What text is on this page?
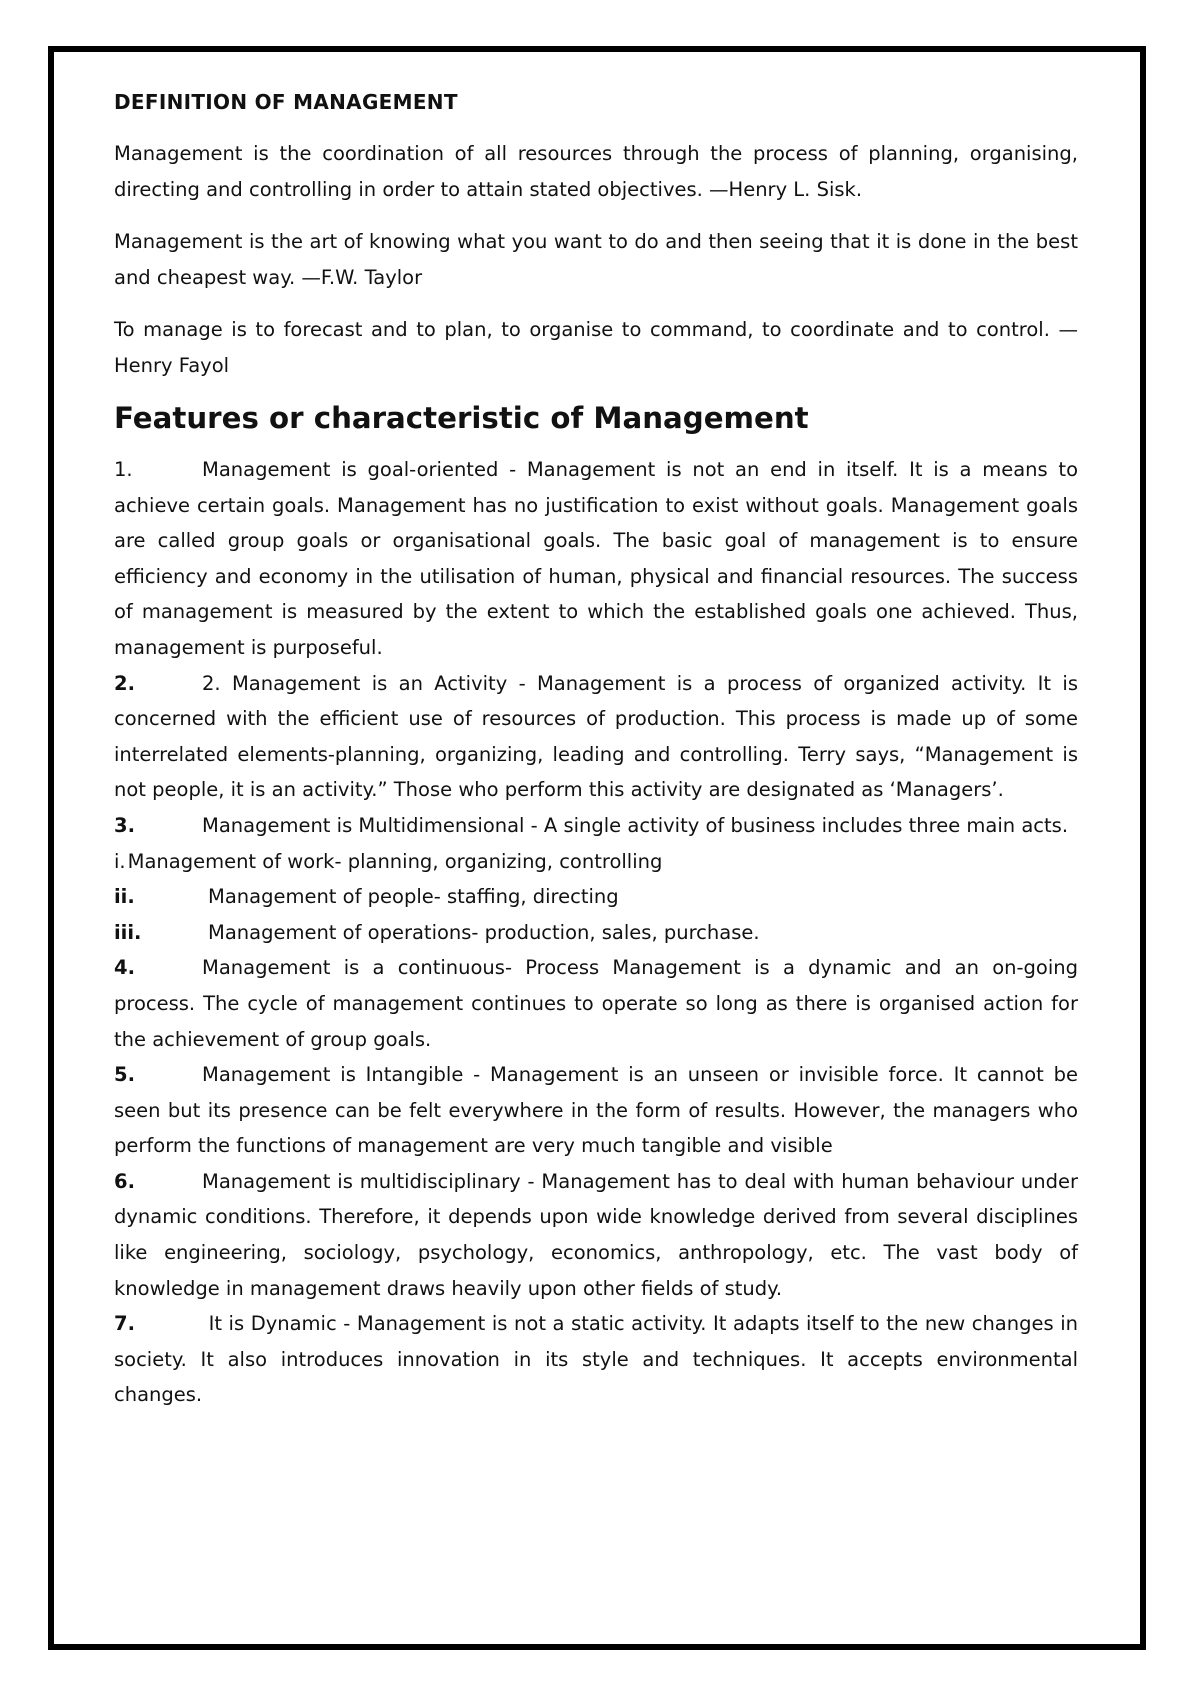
DEFINITION OF MANAGEMENT

Management is the coordination of all resources through the process of planning, organising, directing and controlling in order to attain stated objectives. —Henry L. Sisk.

Management is the art of knowing what you want to do and then seeing that it is done in the best and cheapest way. —F.W. Taylor

To manage is to forecast and to plan, to organise to command, to coordinate and to control. —Henry Fayol

Features or characteristic of Management

1.	Management is goal-oriented - Management is not an end in itself. It is a means to achieve certain goals. Management has no justification to exist without goals. Management goals are called group goals or organisational goals. The basic goal of management is to ensure efficiency and economy in the utilisation of human, physical and financial resources. The success of management is measured by the extent to which the established goals one achieved. Thus, management is purposeful.

2.	2. Management is an Activity - Management is a process of organized activity. It is concerned with the efficient use of resources of production. This process is made up of some interrelated elements-planning, organizing, leading and controlling. Terry says, “Management is not people, it is an activity.” Those who perform this activity are designated as ‘Managers’.

3.	Management is Multidimensional - A single activity of business includes three main acts.

i. Management of work- planning, organizing, controlling

ii.	Management of people- staffing, directing

iii.	Management of operations- production, sales, purchase.

4.	Management is a continuous- Process Management is a dynamic and an on-going process. The cycle of management continues to operate so long as there is organised action for the achievement of group goals.

5.	Management is Intangible - Management is an unseen or invisible force. It cannot be seen but its presence can be felt everywhere in the form of results. However, the managers who perform the functions of management are very much tangible and visible

6.	Management is multidisciplinary - Management has to deal with human behaviour under dynamic conditions. Therefore, it depends upon wide knowledge derived from several disciplines like engineering, sociology, psychology, economics, anthropology, etc. The vast body of knowledge in management draws heavily upon other fields of study.

7.	It is Dynamic - Management is not a static activity. It adapts itself to the new changes in society. It also introduces innovation in its style and techniques. It accepts environmental changes.
